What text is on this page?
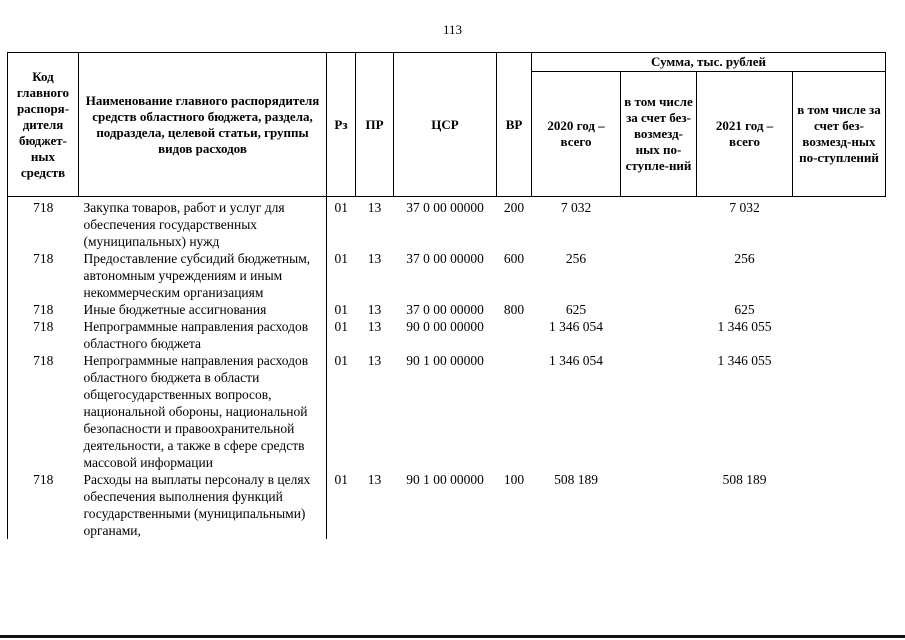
113
Код главного распоря-дителя бюджет-ных средств	Наименование главного распорядителя средств областного бюджета, раздела, подраздела, целевой статьи, группы видов расходов	Рз	ПР	ЦСР	ВР	Сумма, тыс. рублей			
						2020 год – всего	в том числе за счет без-возмезд-ных по-ступле-ний	2021 год – всего	в том числе за счет без-возмезд-ных по-ступлений
718	Закупка товаров, работ и услуг для обеспечения государственных (муниципальных) нужд	01	13	37 0 00 00000	200	7 032		7 032	
718	Предоставление субсидий бюджетным, автономным учреждениям и иным некоммерческим организациям	01	13	37 0 00 00000	600	256		256	
718	Иные бюджетные ассигнования	01	13	37 0 00 00000	800	625		625	
718	Непрограммные направления расходов областного бюджета	01	13	90 0 00 00000		1 346 054		1 346 055	
718	Непрограммные направления расходов областного бюджета в области общегосударственных вопросов, национальной обороны, национальной безопасности и правоохранительной деятельности, а также в сфере средств массовой информации	01	13	90 1 00 00000		1 346 054		1 346 055	
718	Расходы на выплаты персоналу в целях обеспечения выполнения функций государственными (муниципальными) органами,	01	13	90 1 00 00000	100	508 189		508 189	
